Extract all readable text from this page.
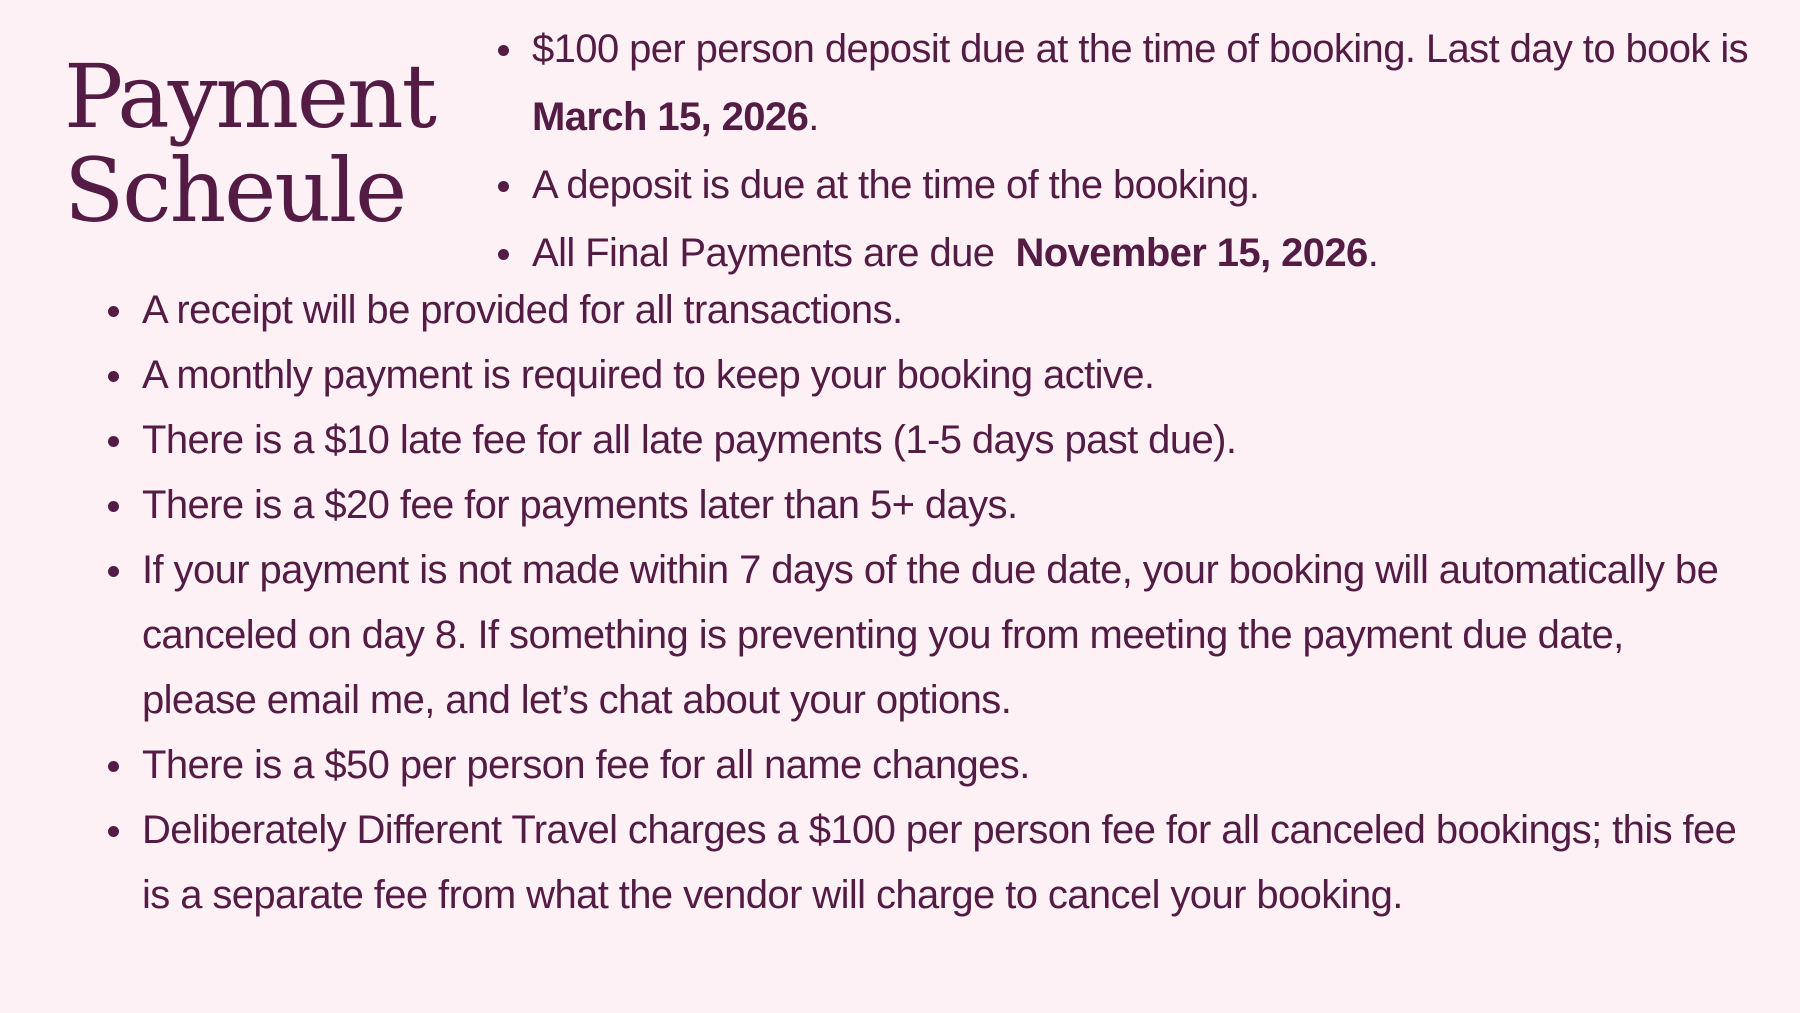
Payment
Scheule
$100 per person deposit due at the time of booking. Last day to book is March 15, 2026.
A deposit is due at the time of the booking.
All Final Payments are due  November 15, 2026.
A receipt will be provided for all transactions.
A monthly payment is required to keep your booking active.
There is a $10 late fee for all late payments (1-5 days past due).
There is a $20 fee for payments later than 5+ days.
If your payment is not made within 7 days of the due date, your booking will automatically be canceled on day 8. If something is preventing you from meeting the payment due date, please email me, and let’s chat about your options.
There is a $50 per person fee for all name changes.
Deliberately Different Travel charges a $100 per person fee for all canceled bookings; this fee is a separate fee from what the vendor will charge to cancel your booking.
